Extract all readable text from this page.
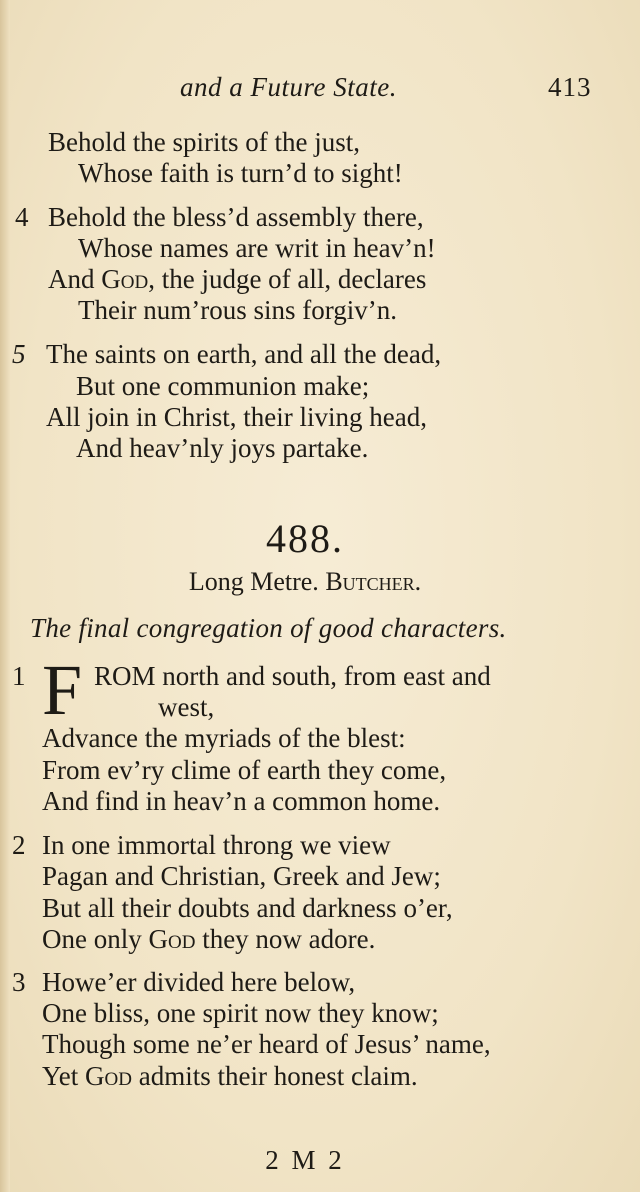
and a Future State.	413
Behold the spirits of the just,
Whose faith is turn’d to sight!
4 Behold the bless’d assembly there,
Whose names are writ in heav’n!
And God, the judge of all, declares
Their num’rous sins forgiv’n.
5 The saints on earth, and all the dead,
But one communion make;
All join in Christ, their living head,
And heav’nly joys partake.
488.
Long Metre. Butcher.
The final congregation of good characters.
1 F ROM north and south, from east and
west,
Advance the myriads of the blest:
From ev’ry clime of earth they come,
And find in heav’n a common home.
2 In one immortal throng we view
Pagan and Christian, Greek and Jew;
But all their doubts and darkness o’er,
One only God they now adore.
3 Howe’er divided here below,
One bliss, one spirit now they know;
Though some ne’er heard of Jesus’ name,
Yet God admits their honest claim.
2 M 2
